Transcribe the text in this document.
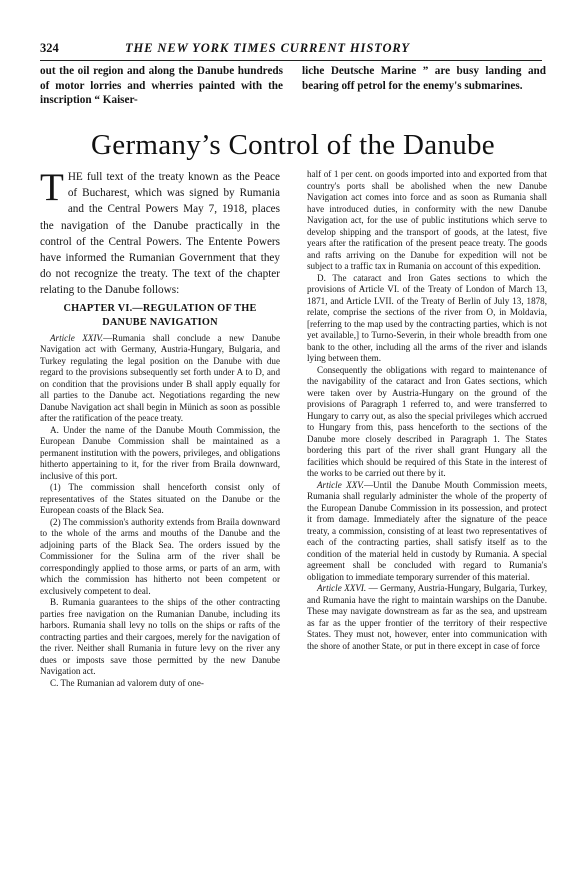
324	THE NEW YORK TIMES CURRENT HISTORY
out the oil region and along the Danube hundreds of motor lorries and wherries painted with the inscription “ Kaiser-
liche Deutsche Marine ” are busy landing and bearing off petrol for the enemy's submarines.
Germany’s Control of the Danube

THE full text of the treaty known as the Peace of Bucharest, which was signed by Rumania and the Central Powers May 7, 1918, places the navigation of the Danube practically in the control of the Central Powers. The Entente Powers have informed the Rumanian Government that they do not recognize the treaty. The text of the chapter relating to the Danube follows:

CHAPTER VI.—REGULATION OF THE DANUBE NAVIGATION

Article XXIV.—Rumania shall conclude a new Danube Navigation act with Germany, Austria-Hungary, Bulgaria, and Turkey regulating the legal position on the Danube with due regard to the provisions subsequently set forth under A to D, and on condition that the provisions under B shall apply equally for all parties to the Danube act. Negotiations regarding the new Danube Navigation act shall begin in Münich as soon as possible after the ratification of the peace treaty.

A. Under the name of the Danube Mouth Commission, the European Danube Commission shall be maintained as a permanent institution with the powers, privileges, and obligations hitherto appertaining to it, for the river from Braila downward, inclusive of this port.

(1) The commission shall henceforth consist only of representatives of the States situated on the Danube or the European coasts of the Black Sea.

(2) The commission's authority extends from Braila downward to the whole of the arms and mouths of the Danube and the adjoining parts of the Black Sea. The orders issued by the Commissioner for the Sulina arm of the river shall be correspondingly applied to those arms, or parts of an arm, with which the commission has hitherto not been competent or exclusively competent to deal.

B. Rumania guarantees to the ships of the other contracting parties free navigation on the Rumanian Danube, including its harbors. Rumania shall levy no tolls on the ships or rafts of the contracting parties and their cargoes, merely for the navigation of the river. Neither shall Rumania in future levy on the river any dues or imposts save those permitted by the new Danube Navigation act.

C. The Rumanian ad valorem duty of one-

half of 1 per cent. on goods imported into and exported from that country's ports shall be abolished when the new Danube Navigation act comes into force and as soon as Rumania shall have introduced duties, in conformity with the new Danube Navigation act, for the use of public institutions which serve to develop shipping and the transport of goods, at the latest, five years after the ratification of the present peace treaty. The goods and rafts arriving on the Danube for expedition will not be subject to a traffic tax in Rumania on account of this expedition.

D. The cataract and Iron Gates sections to which the provisions of Article VI. of the Treaty of London of March 13, 1871, and Article LVII. of the Treaty of Berlin of July 13, 1878, relate, comprise the sections of the river from O, in Moldavia, [referring to the map used by the contracting parties, which is not yet available,] to Turno-Severin, in their whole breadth from one bank to the other, including all the arms of the river and islands lying between them.

Consequently the obligations with regard to maintenance of the navigability of the cataract and Iron Gates sections, which were taken over by Austria-Hungary on the ground of the provisions of Paragraph 1 referred to, and were transferred to Hungary to carry out, as also the special privileges which accrued to Hungary from this, pass henceforth to the sections of the Danube more closely described in Paragraph 1. The States bordering this part of the river shall grant Hungary all the facilities which should be required of this State in the interest of the works to be carried out there by it.

Article XXV.—Until the Danube Mouth Commission meets, Rumania shall regularly administer the whole of the property of the European Danube Commission in its possession, and protect it from damage. Immediately after the signature of the peace treaty, a commission, consisting of at least two representatives of each of the contracting parties, shall satisfy itself as to the condition of the material held in custody by Rumania. A special agreement shall be concluded with regard to Rumania's obligation to immediate temporary surrender of this material.

Article XXVI. — Germany, Austria-Hungary, Bulgaria, Turkey, and Rumania have the right to maintain warships on the Danube. These may navigate downstream as far as the sea, and upstream as far as the upper frontier of the territory of their respective States. They must not, however, enter into communication with the shore of another State, or put in there except in case of force
